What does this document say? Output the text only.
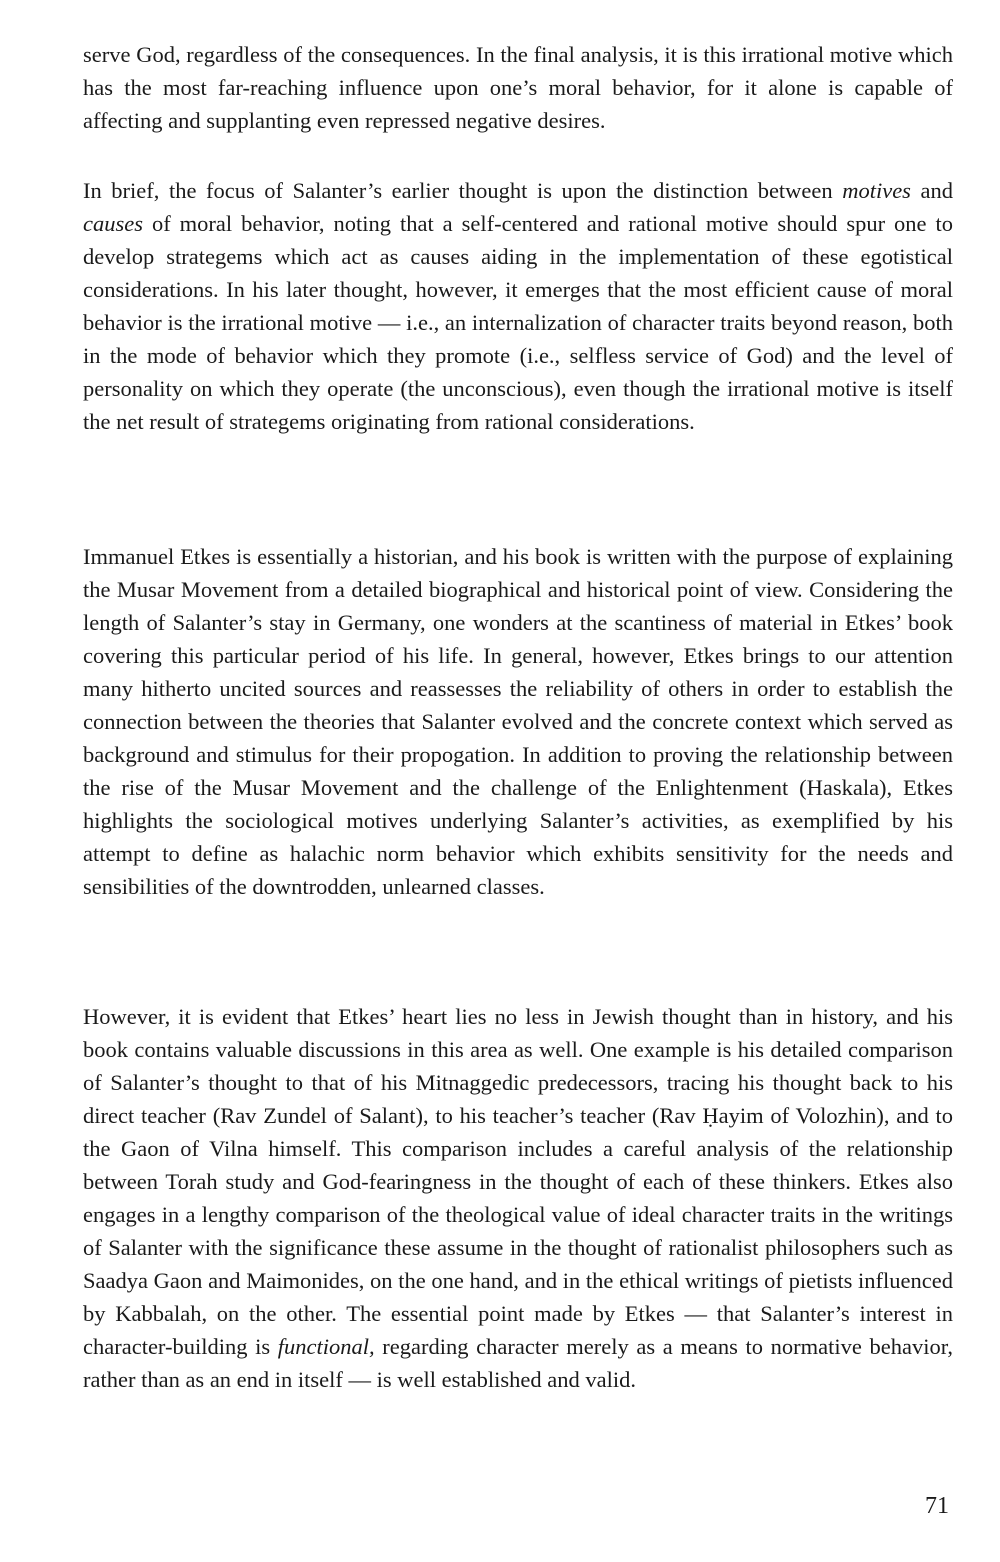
serve God, regardless of the consequences. In the final analysis, it is this irrational motive which has the most far-reaching influence upon one’s moral behavior, for it alone is capable of affecting and supplanting even repressed negative desires.

In brief, the focus of Salanter’s earlier thought is upon the distinction between motives and causes of moral behavior, noting that a self-centered and rational motive should spur one to develop strategems which act as causes aiding in the implementation of these egotistical considerations. In his later thought, however, it emerges that the most efficient cause of moral behavior is the irrational motive — i.e., an internalization of character traits beyond reason, both in the mode of behavior which they promote (i.e., selfless service of God) and the level of personality on which they operate (the unconscious), even though the irrational motive is itself the net result of strategems originating from rational considerations.

Immanuel Etkes is essentially a historian, and his book is written with the purpose of explaining the Musar Movement from a detailed biographical and historical point of view. Considering the length of Salanter’s stay in Germany, one wonders at the scantiness of material in Etkes’ book covering this particular period of his life. In general, however, Etkes brings to our attention many hitherto uncited sources and reassesses the reliability of others in order to establish the connection between the theories that Salanter evolved and the concrete context which served as background and stimulus for their propogation. In addition to proving the relationship between the rise of the Musar Movement and the challenge of the Enlightenment (Haskala), Etkes highlights the sociological motives underlying Salanter’s activities, as exemplified by his attempt to define as halachic norm behavior which exhibits sensitivity for the needs and sensibilities of the downtrodden, unlearned classes.

However, it is evident that Etkes’ heart lies no less in Jewish thought than in history, and his book contains valuable discussions in this area as well. One example is his detailed comparison of Salanter’s thought to that of his Mitnaggedic predecessors, tracing his thought back to his direct teacher (Rav Zundel of Salant), to his teacher’s teacher (Rav Ḥayim of Volozhin), and to the Gaon of Vilna himself. This comparison includes a careful analysis of the relationship between Torah study and God-fearingness in the thought of each of these thinkers. Etkes also engages in a lengthy comparison of the theological value of ideal character traits in the writings of Salanter with the significance these assume in the thought of rationalist philosophers such as Saadya Gaon and Maimonides, on the one hand, and in the ethical writings of pietists influenced by Kabbalah, on the other. The essential point made by Etkes — that Salanter’s interest in character-building is functional, regarding character merely as a means to normative behavior, rather than as an end in itself — is well established and valid.

71
